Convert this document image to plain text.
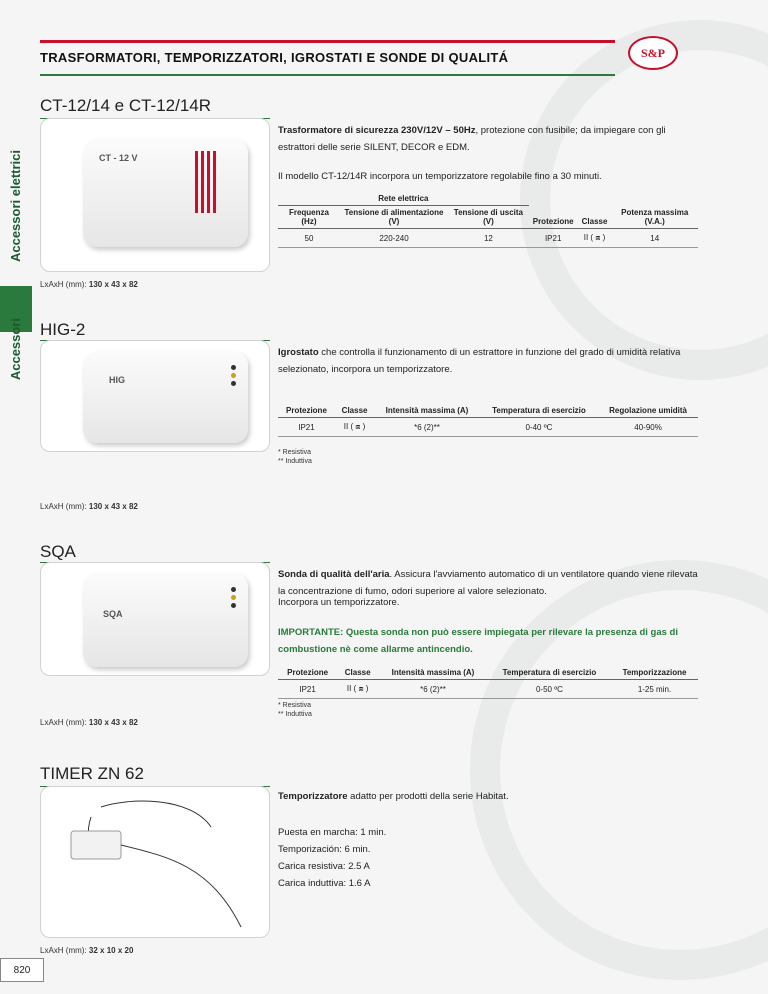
TRASFORMATORI, TEMPORIZZATORI, IGROSTATI E SONDE DI QUALITÁ	S&P
Accessori elettrici
Accessori
CT-12/14 e CT-12/14R
CT - 12 V
Trasformatore di sicurezza 230V/12V – 50Hz, protezione con fusibile; da impiegare con gli estrattori delle serie SILENT, DECOR e EDM.
Il modello CT-12/14R incorpora un temporizzatore regolabile fino a 30 minuti.
Rete elettrica					
Frequenza (Hz)	Tensione di alimentazione (V)	Tensione di uscita (V)	Protezione	Classe	Potenza massima (V.A.)
50	220-240	12	IP21	II ( ⧈ )	14
LxAxH (mm): 130 x 43 x 82
HIG-2
HIG
Igrostato che controlla il funzionamento di un estrattore in funzione del grado di umidità relativa selezionato, incorpora un temporizzatore.
Protezione	Classe	Intensità massima (A)	Temperatura di esercizio	Regolazione umidità
IP21	II ( ⧈ )	*6 (2)**	0-40 ºC	40-90%
* Resistiva
** Induttiva
LxAxH (mm): 130 x 43 x 82
SQA
SQA
Sonda di qualità dell'aria. Assicura l'avviamento automatico di un ventilatore quando viene rilevata la concentrazione di fumo, odori superiore al valore selezionato.
Incorpora un temporizzatore.
IMPORTANTE: Questa sonda non può essere impiegata per rilevare la presenza di gas di combustione nè come allarme antincendio.
Protezione	Classe	Intensità massima (A)	Temperatura di esercizio	Temporizzazione
IP21	II ( ⧈ )	*6 (2)**	0-50 ºC	1-25 min.
* Resistiva
** Induttiva
LxAxH (mm): 130 x 43 x 82
TIMER ZN 62
Temporizzatore adatto per prodotti della serie Habitat.
Puesta en marcha: 1 min.
Temporización: 6 min.
Carica resistiva: 2.5 A
Carica induttiva: 1.6 A
LxAxH (mm): 32 x 10 x 20
820
